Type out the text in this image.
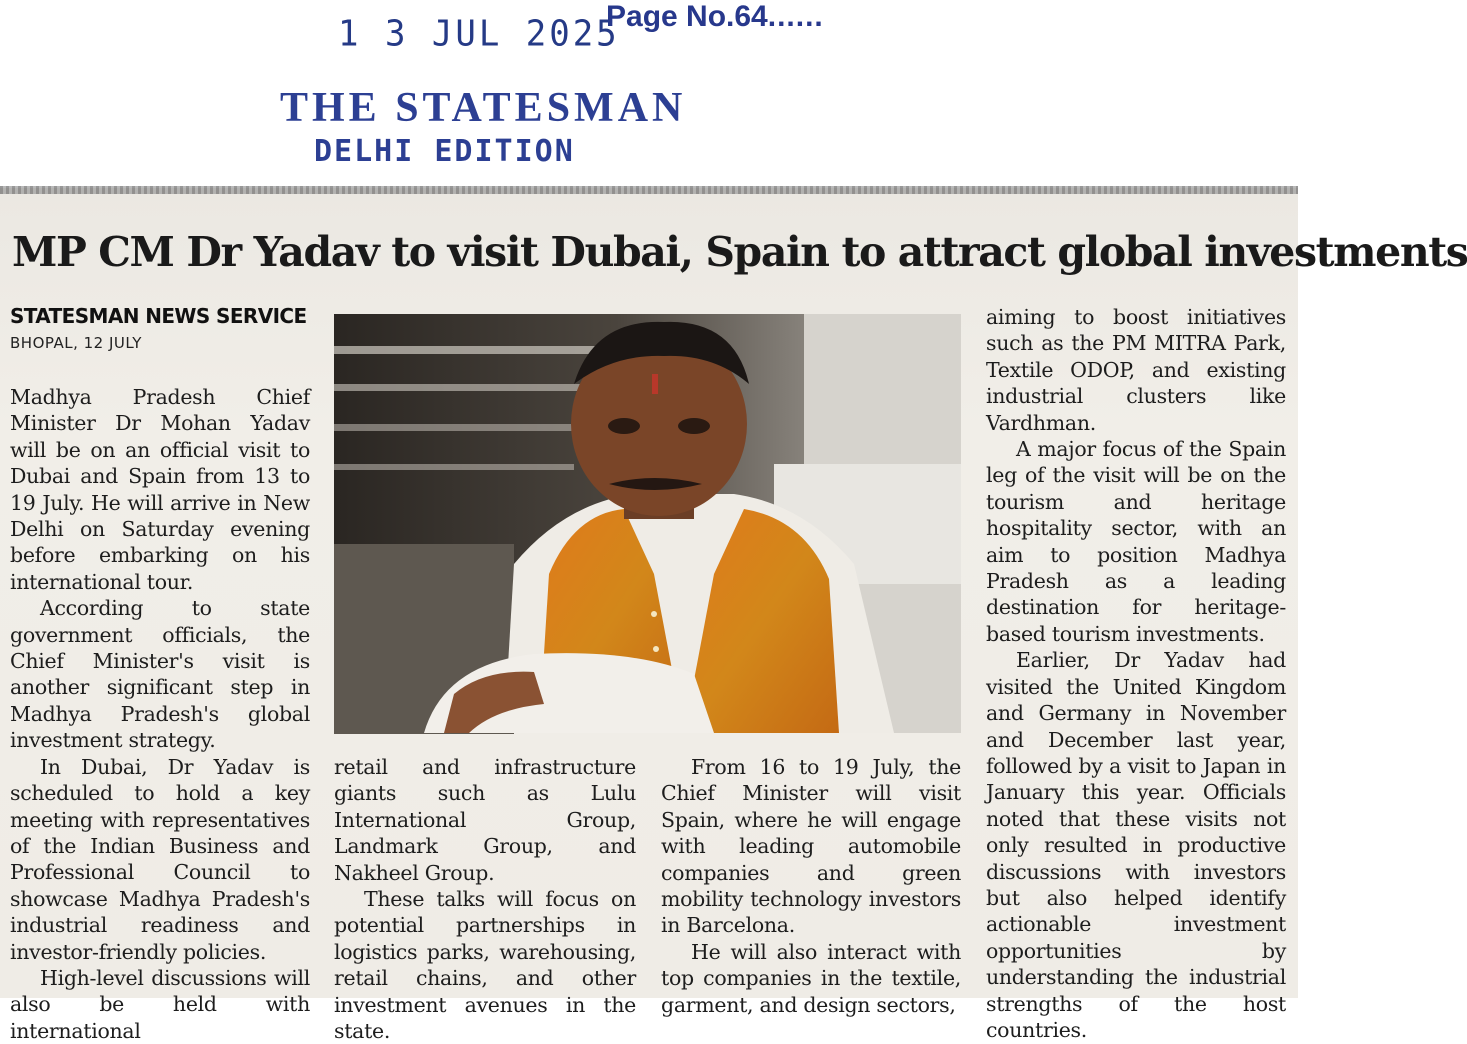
1 3 JUL 2025
Page No.64......
THE STATESMAN
DELHI EDITION
MP CM Dr Yadav to visit Dubai, Spain to attract global investments
STATESMAN NEWS SERVICE
BHOPAL, 12 JULY

Madhya Pradesh Chief Minister Dr Mohan Yadav will be on an official visit to Dubai and Spain from 13 to 19 July. He will arrive in New Delhi on Saturday evening before embarking on his international tour.

According to state government officials, the Chief Minister's visit is another significant step in Madhya Pradesh's global investment strategy.

In Dubai, Dr Yadav is scheduled to hold a key meeting with representatives of the Indian Business and Professional Council to showcase Madhya Pradesh's industrial readiness and investor-friendly policies.

High-level discussions will also be held with international

retail and infrastructure giants such as Lulu International Group, Landmark Group, and Nakheel Group.

These talks will focus on potential partnerships in logistics parks, warehousing, retail chains, and other investment avenues in the state.

From 16 to 19 July, the Chief Minister will visit Spain, where he will engage with leading automobile companies and green mobility technology investors in Barcelona.

He will also interact with top companies in the textile, garment, and design sectors,

aiming to boost initiatives such as the PM MITRA Park, Textile ODOP, and existing industrial clusters like Vardhman.

A major focus of the Spain leg of the visit will be on the tourism and heritage hospitality sector, with an aim to position Madhya Pradesh as a leading destination for heritage-based tourism investments.

Earlier, Dr Yadav had visited the United Kingdom and Germany in November and December last year, followed by a visit to Japan in January this year. Officials noted that these visits not only resulted in productive discussions with investors but also helped identify actionable investment opportunities by understanding the industrial strengths of the host countries.
